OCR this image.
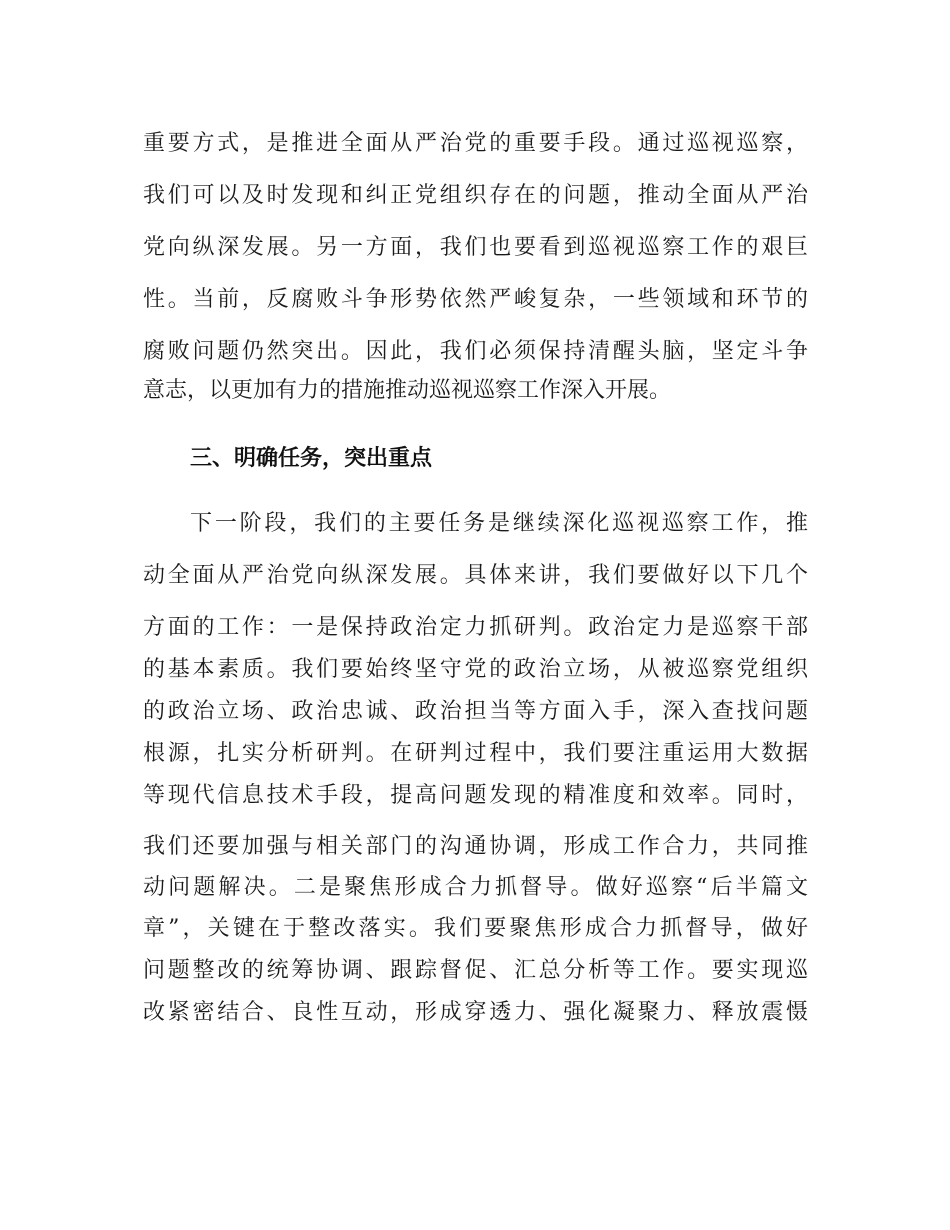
重要方式，是推进全面从严治党的重要手段。通过巡视巡察，
我们可以及时发现和纠正党组织存在的问题，推动全面从严治
党向纵深发展。另一方面，我们也要看到巡视巡察工作的艰巨
性。当前，反腐败斗争形势依然严峻复杂，一些领域和环节的
腐败问题仍然突出。因此，我们必须保持清醒头脑，坚定斗争
意志，以更加有力的措施推动巡视巡察工作深入开展。
三、明确任务，突出重点
下一阶段，我们的主要任务是继续深化巡视巡察工作，推
动全面从严治党向纵深发展。具体来讲，我们要做好以下几个
方面的工作：一是保持政治定力抓研判。政治定力是巡察干部
的基本素质。我们要始终坚守党的政治立场，从被巡察党组织
的政治立场、政治忠诚、政治担当等方面入手，深入查找问题
根源，扎实分析研判。在研判过程中，我们要注重运用大数据
等现代信息技术手段，提高问题发现的精准度和效率。同时，
我们还要加强与相关部门的沟通协调，形成工作合力，共同推
动问题解决。二是聚焦形成合力抓督导。做好巡察“后半篇文
章”，关键在于整改落实。我们要聚焦形成合力抓督导，做好
问题整改的统筹协调、跟踪督促、汇总分析等工作。要实现巡
改紧密结合、良性互动，形成穿透力、强化凝聚力、释放震慑
